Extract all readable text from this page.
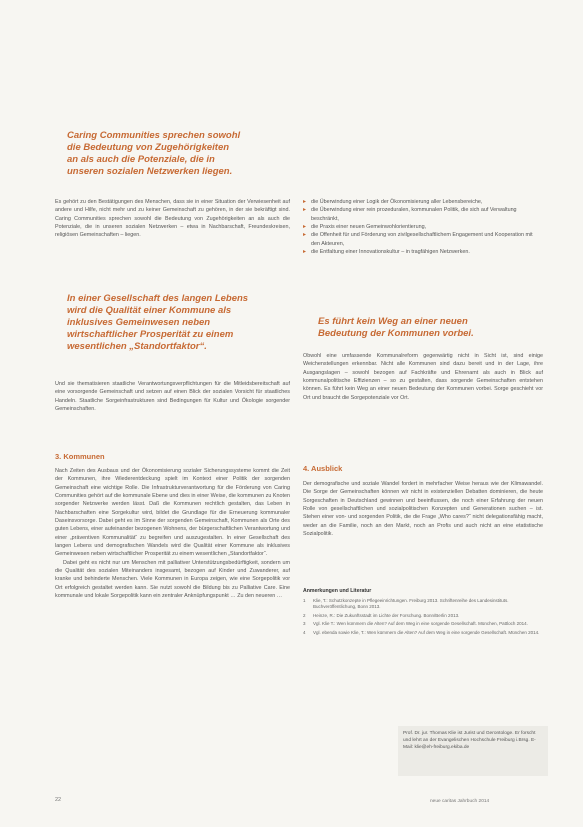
Caring Communities sprechen sowohl
die Bedeutung von Zugehörigkeiten
an als auch die Potenziale, die in
unseren sozialen Netzwerken liegen.

Es gehört zu den Bestätigungen des Menschen, dass sie in einer Situation der Verwiesenheit auf andere und Hilfe, nicht mehr und zu keiner Gemeinschaft zu gehören, in der sie bekräftigt sind. Caring Communities sprechen sowohl die Bedeutung von Zugehörigkeiten an als auch die Potenziale, die in unseren sozialen Netzwerken – etwa in Nachbarschaft, Freundeskreisen, religiösen Gemeinschaften – liegen.

In einer Gesellschaft des langen Lebens
wird die Qualität einer Kommune als
inklusives Gemeinwesen neben
wirtschaftlicher Prosperität zu einem
wesentlichen „Standortfaktor“.

Und sie thematisieren staatliche Verantwortungsverpflichtungen für die Mitleidsbereitschaft auf eine vorsorgende Gemeinschaft und setzen auf einen Blick der sozialen Vorsicht für staatliches Handeln. Staatliche Sorgeinfrastrukturen sind Bedingungen für Kultur und Ökologie sorgender Gemeinschaften.

3. Kommunen

Nach Zeiten des Ausbaus und der Ökonomisierung sozialer Sicherungssysteme kommt die Zeit der Kommunen, ihre Wiederentdeckung spielt im Kontext einer Politik der sorgenden Gemeinschaft eine wichtige Rolle. Die Infrastrukturverantwortung für die Förderung von Caring Communities gehört auf die kommunale Ebene und dies in einer Weise, die kommunen zu Knoten sorgender Netzwerke werden lässt. Daß die Kommunen rechtlich gestalten, das Leben in Nachbarschaften eine Sorgekultur wird, bildet die Grundlage für die Erneuerung kommunaler Daseinsvorsorge. Dabei geht es im Sinne der sorgenden Gemeinschaft, Kommunen als Orte des guten Lebens, einer aufeinander bezogenen Wohnens, der bürgerschaftlichen Verantwortung und einer „präventiven Kommunalität“ zu begreifen und auszugestalten. In einer Gesellschaft des langen Lebens und demografischen Wandels wird die Qualität einer Kommune als inklusives Gemeinwesen neben wirtschaftlicher Prosperität zu einem wesentlichen „Standortfaktor“.

Dabei geht es nicht nur um Menschen mit palliativer Unterstützungsbedürftigkeit, sondern um die Qualität des sozialen Miteinanders insgesamt, bezogen auf Kinder und Zuwanderer, auf kranke und behinderte Menschen. Viele Kommunen in Europa zeigen, wie eine Sorgepolitik vor Ort erfolgreich gestaltet werden kann. Sie nutzt sowohl die Bildung bis zu Palliative Care. Eine kommunale und lokale Sorgepolitik kann ein zentraler Anknüpfungspunkt … Zu den neueren …

▸ die Überwindung einer Logik der Ökonomisierung aller Lebensbereiche,
▸ die Überwindung einer rein prozeduralen, kommunalen Politik, die sich auf Verwaltung beschränkt,
▸ die Praxis einer neuen Gemeinwohlorientierung,
▸ die Offenheit für und Förderung von zivilgesellschaftlichem Engagement und Kooperation mit den Akteuren,
▸ die Entfaltung einer Innovationskultur – in tragfähigen Netzwerken.
Es führt kein Weg an einer neuen
Bedeutung der Kommunen vorbei.

Obwohl eine umfassende Kommunalreform gegenwärtig nicht in Sicht ist, sind einige Weichenstellungen erkennbar. Nicht alle Kommunen sind dazu bereit und in der Lage, ihre Ausgangslagen – sowohl bezogen auf Fachkräfte und Ehrenamt als auch in Blick auf kommunalpolitische Effizienzen – so zu gestalten, dass sorgende Gemeinschaften entstehen können. Es führt kein Weg an einer neuen Bedeutung der Kommunen vorbei. Sorge geschieht vor Ort und braucht die Sorgepotenziale vor Ort.

4. Ausblick

Der demografische und soziale Wandel fordert in mehrfacher Weise heraus wie der Klimawandel. Die Sorge der Gemeinschaften können wir nicht in existenziellen Debatten dominieren, die heute Sorgeschaften in Deutschland gewinnen und beeinflussen, die noch einer Erfahrung der neuen Rolle von gesellschaftlichen und sozialpolitischen Konzepten und Generationen suchen – ist. Stehen einer von- und sorgenden Politik, die die Frage „Who cares?“ nicht delegationsfähig macht, weder an die Familie, noch an den Markt, noch an Profis und auch nicht an eine etatistische Sozialpolitik.

Anmerkungen und Literatur
1 Klie, T.: Schutzkonzepte in Pflegeeinrichtungen. Freiburg 2013. Schriftenreihe des Landesinstituts. Buchveröffentlichung, Bonn 2013.
2 Heinze, R.: Die Zukunftsstadt im Lichte der Forschung. Bonn/Berlin 2013.
3 Vgl. Klie T.: Wen kümmern die Alten? Auf dem Weg in eine sorgende Gesellschaft. München, Pattloch 2014.
4 Vgl. ebenda sowie Klie, T.: Wen kümmern die Alten? Auf dem Weg in eine sorgende Gesellschaft. München 2014.
Prof. Dr. jur. Thomas Klie ist Jurist und Gerontologe. Er forscht und lehrt an der Evangelischen Hochschule Freiburg i.Brsg. E-Mail: klie@eh-freiburg.ekiba.de
22	neue caritas Jahrbuch 2014
